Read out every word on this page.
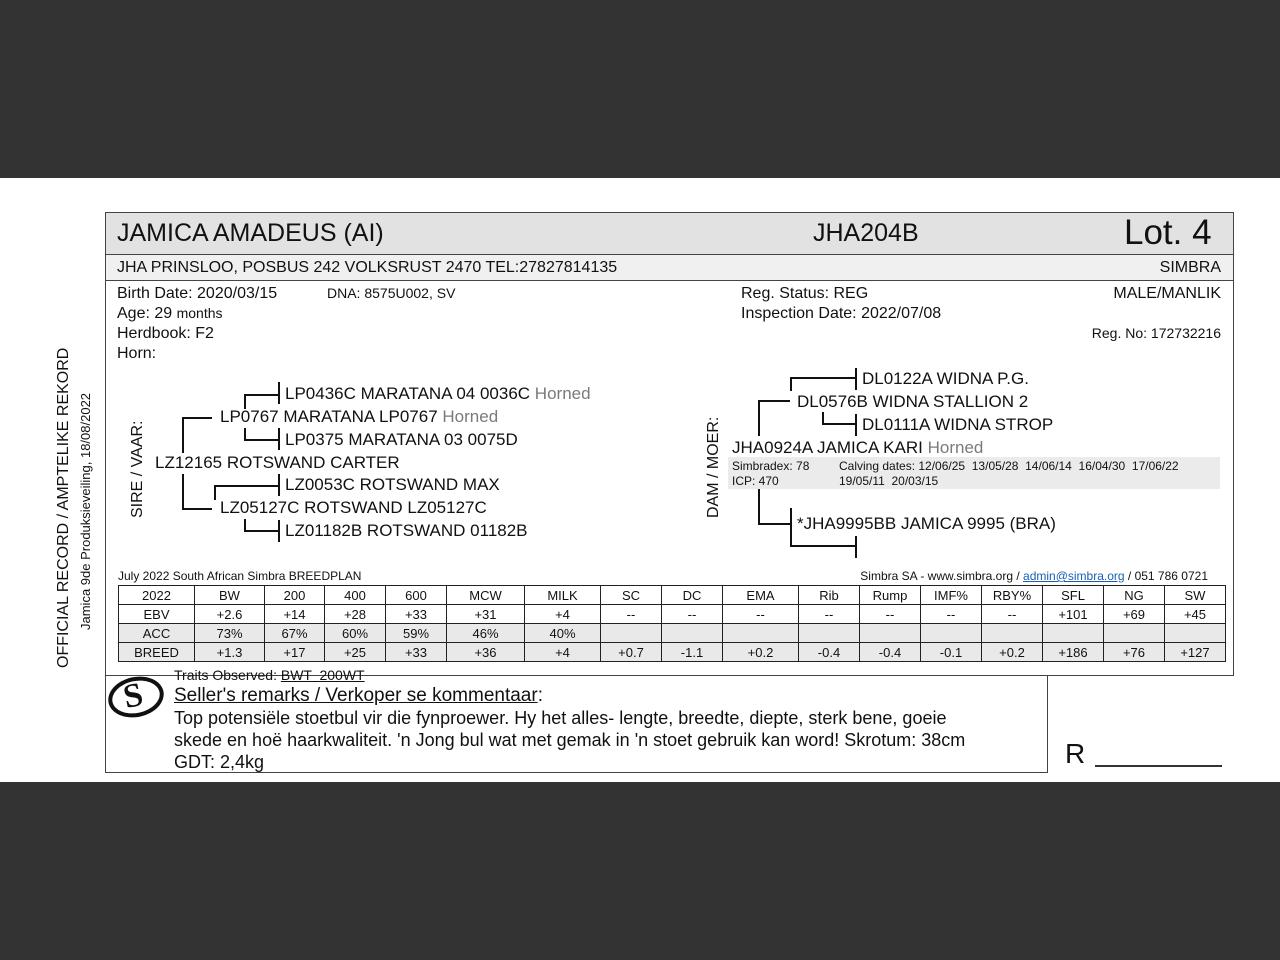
OFFICIAL RECORD / AMPTELIKE REKORD Jamica 9de Produksieveiling, 18/08/2022
JAMICA AMADEUS (AI)	JHA204B	Lot. 4
JHA PRINSLOO, POSBUS 242 VOLKSRUST 2470 TEL:27827814135	SIMBRA
Birth Date: 2020/03/15	DNA: 8575U002, SV
Age: 29 months
Herdbook: F2
Horn:
Reg. Status: REG
Inspection Date: 2022/07/08
MALE/MANLIK
Reg. No: 172732216
SIRE / VAAR:
LP0436C MARATANA 04 0036C Horned
LP0767 MARATANA LP0767 Horned
LP0375 MARATANA 03 0075D
LZ12165 ROTSWAND CARTER
LZ0053C ROTSWAND MAX
LZ05127C ROTSWAND LZ05127C
LZ01182B ROTSWAND 01182B
DAM / MOER:
DL0122A WIDNA P.G.
DL0576B WIDNA STALLION 2
DL0111A WIDNA STROP
JHA0924A JAMICA KARI Horned
Simbradex: 78
ICP: 470
Calving dates: 12/06/25  13/05/28  14/06/14  16/04/30  17/06/22
19/05/11  20/03/15
*JHA9995BB JAMICA 9995 (BRA)
July 2022 South African Simbra BREEDPLAN	Simbra SA - www.simbra.org / admin@simbra.org / 051 786 0721
2022	BW	200	400	600	MCW	MILK	SC	DC	EMA	Rib	Rump	IMF%	RBY%	SFL	NG	SW
EBV	+2.6	+14	+28	+33	+31	+4	--	--	--	--	--	--	--	+101	+69	+45
ACC	73%	67%	60%	59%	46%	40%										
BREED	+1.3	+17	+25	+33	+36	+4	+0.7	-1.1	+0.2	-0.4	-0.4	-0.1	+0.2	+186	+76	+127
S
Traits Observed: BWT  200WT
Seller's remarks / Verkoper se kommentaar:
Top potensiële stoetbul vir die fynproewer. Hy het alles- lengte, breedte, diepte, sterk bene, goeie
skede en hoë haarkwaliteit. 'n Jong bul wat met gemak in 'n stoet gebruik kan word! Skrotum: 38cm
GDT: 2,4kg	R
